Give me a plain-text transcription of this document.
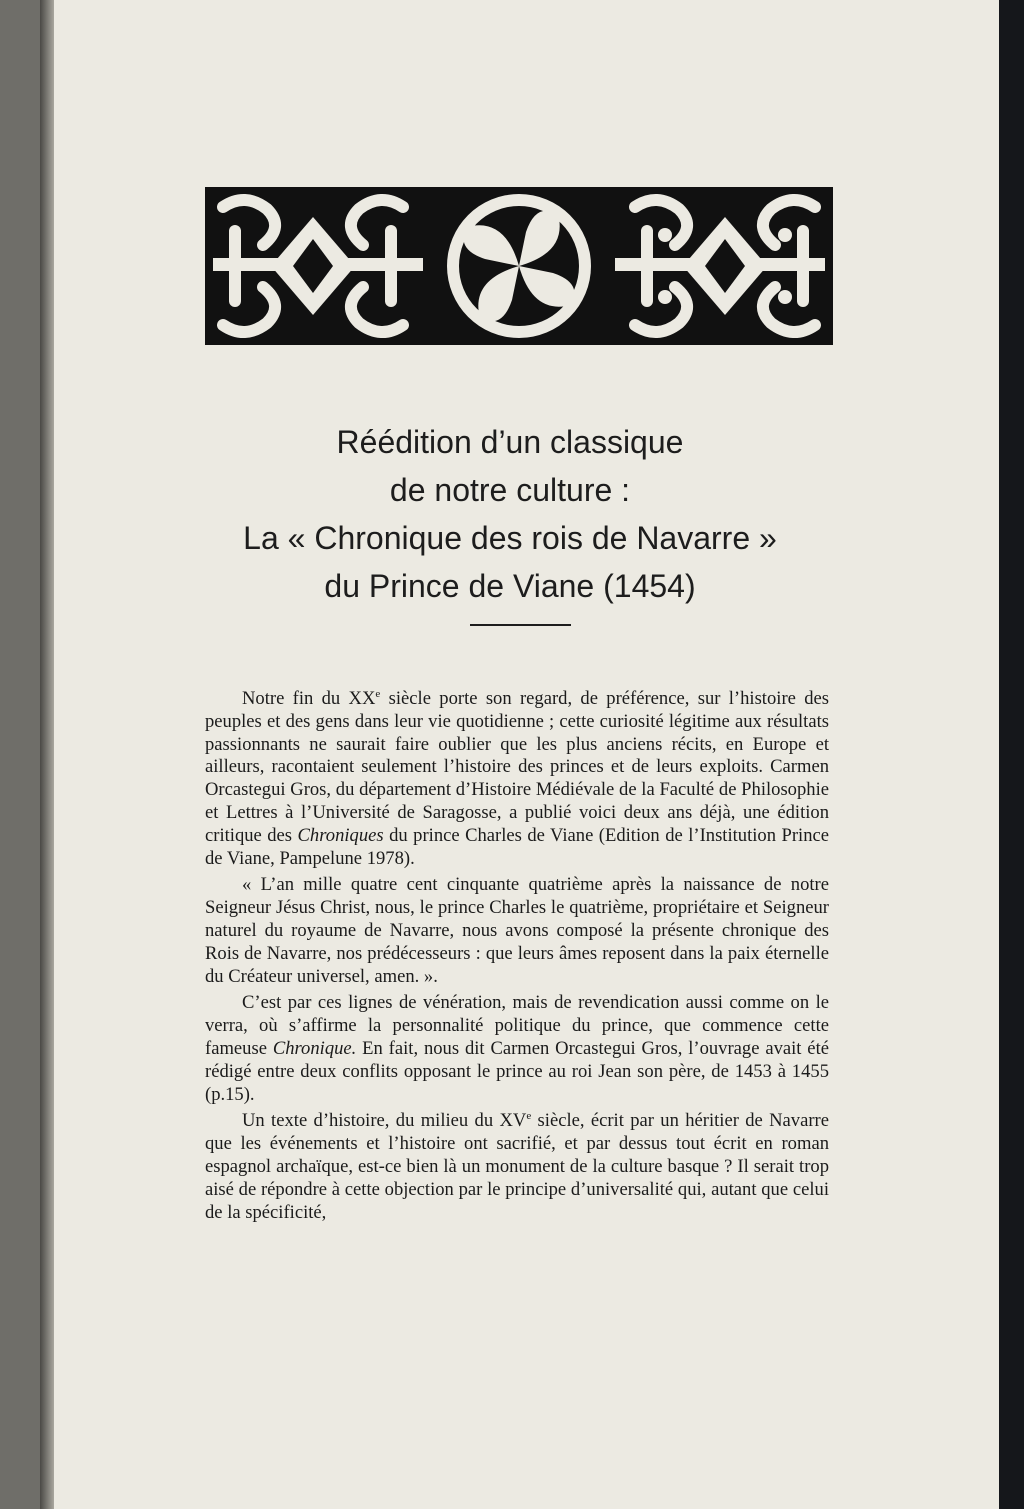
Réédition d’un classique
de notre culture :
La « Chronique des rois de Navarre »
du Prince de Viane (1454)

Notre fin du XXe siècle porte son regard, de préférence, sur l’histoire des peuples et des gens dans leur vie quotidienne ; cette curiosité légitime aux résultats passionnants ne saurait faire oublier que les plus anciens récits, en Europe et ailleurs, racontaient seulement l’histoire des princes et de leurs exploits. Carmen Orcastegui Gros, du département d’Histoire Médiévale de la Faculté de Philosophie et Lettres à l’Université de Saragosse, a publié voici deux ans déjà, une édition critique des Chroniques du prince Charles de Viane (Edition de l’Institution Prince de Viane, Pampelune 1978).

« L’an mille quatre cent cinquante quatrième après la naissance de notre Seigneur Jésus Christ, nous, le prince Charles le quatrième, propriétaire et Seigneur naturel du royaume de Navarre, nous avons composé la présente chronique des Rois de Navarre, nos prédécesseurs : que leurs âmes reposent dans la paix éternelle du Créateur universel, amen. ».

C’est par ces lignes de vénération, mais de revendication aussi comme on le verra, où s’affirme la personnalité politique du prince, que commence cette fameuse Chronique. En fait, nous dit Carmen Orcastegui Gros, l’ouvrage avait été rédigé entre deux conflits opposant le prince au roi Jean son père, de 1453 à 1455 (p.15).

Un texte d’histoire, du milieu du XVe siècle, écrit par un héritier de Navarre que les événements et l’histoire ont sacrifié, et par dessus tout écrit en roman espagnol archaïque, est-ce bien là un monument de la culture basque ? Il serait trop aisé de répondre à cette objection par le principe d’universalité qui, autant que celui de la spécificité,
